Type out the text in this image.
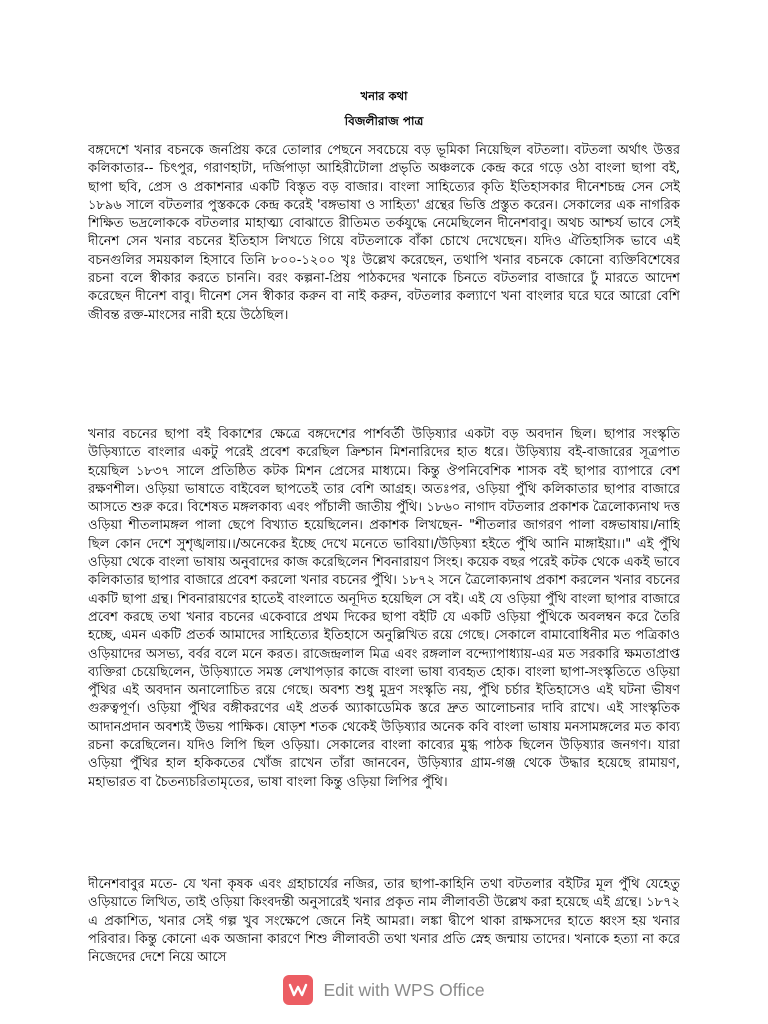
খনার কথা
বিজলীরাজ পাত্র

বঙ্গদেশে খনার বচনকে জনপ্রিয় করে তোলার পেছনে সবচেয়ে বড় ভূমিকা নিয়েছিল বটতলা। বটতলা অর্থাৎ উত্তর কলিকাতার-- চিৎপুর, গরাণহাটা, দর্জিপাড়া আহিরীটোলা প্রভৃতি অঞ্চলকে কেন্দ্র করে গড়ে ওঠা বাংলা ছাপা বই, ছাপা ছবি, প্রেস ও প্রকাশনার একটি বিস্তৃত বড় বাজার। বাংলা সাহিত্যের কৃতি ইতিহাসকার দীনেশচন্দ্র সেন সেই ১৮৯৬ সালে বটতলার পুস্তককে কেন্দ্র করেই 'বঙ্গভাষা ও সাহিত্য' গ্রন্থের ভিত্তি প্রস্তুত করেন। সেকালের এক নাগরিক শিক্ষিত ভদ্রলোককে বটতলার মাহাত্ম্য বোঝাতে রীতিমত তর্কযুদ্ধে নেমেছিলেন দীনেশবাবু। অথচ আশ্চর্য ভাবে সেই দীনেশ সেন খনার বচনের ইতিহাস লিখতে গিয়ে বটতলাকে বাঁকা চোখে দেখেছেন। যদিও ঐতিহাসিক ভাবে এই বচনগুলির সময়কাল হিসাবে তিনি ৮০০-১২০০ খৃঃ উল্লেখ করেছেন, তথাপি খনার বচনকে কোনো ব্যক্তিবিশেষের রচনা বলে স্বীকার করতে চাননি। বরং কল্পনা-প্রিয় পাঠকদের খনাকে চিনতে বটতলার বাজারে ঢুঁ মারতে আদেশ করেছেন দীনেশ বাবু। দীনেশ সেন স্বীকার করুন বা নাই করুন, বটতলার কল্যাণে খনা বাংলার ঘরে ঘরে আরো বেশি জীবন্ত রক্ত-মাংসের নারী হয়ে উঠেছিল।

খনার বচনের ছাপা বই বিকাশের ক্ষেত্রে বঙ্গদেশের পার্শবর্তী উড়িষ্যার একটা বড় অবদান ছিল। ছাপার সংস্কৃতি উড়িষ্যাতে বাংলার একটু পরেই প্রবেশ করেছিল ক্রিশ্চান মিশনারিদের হাত ধরে। উড়িষ্যায় বই-বাজারের সূত্রপাত হয়েছিল ১৮৩৭ সালে প্রতিষ্ঠিত কটক মিশন প্রেসের মাধ্যমে। কিন্তু ঔপনিবেশিক শাসক বই ছাপার ব্যাপারে বেশ রক্ষণশীল। ওড়িয়া ভাষাতে বাইবেল ছাপতেই তার বেশি আগ্রহ। অতঃপর, ওড়িয়া পুঁথি কলিকাতার ছাপার বাজারে আসতে শুরু করে। বিশেষত মঙ্গলকাব্য এবং পাঁচালী জাতীয় পুঁথি। ১৮৬০ নাগাদ বটতলার প্রকাশক ত্রৈলোক্যনাথ দত্ত ওড়িয়া শীতলামঙ্গল পালা ছেপে বিখ্যাত হয়েছিলেন। প্রকাশক লিখছেন- "শীতলার জাগরণ পালা বঙ্গভাষায়।/নাহি ছিল কোন দেশে সুশৃঙ্খলায়।।/অনেকের ইচ্ছে দেখে মনেতে ভাবিয়া।/উড়িষ্যা হইতে পুঁথি আনি মাঙ্গাইয়া।।" এই পুঁথি ওড়িয়া থেকে বাংলা ভাষায় অনুবাদের কাজ করেছিলেন শিবনারায়ণ সিংহ। কয়েক বছর পরেই কটক থেকে একই ভাবে কলিকাতার ছাপার বাজারে প্রবেশ করলো খনার বচনের পুঁথি। ১৮৭২ সনে ত্রৈলোক্যনাথ প্রকাশ করলেন খনার বচনের একটি ছাপা গ্রন্থ। শিবনারায়ণের হাতেই বাংলাতে অনূদিত হয়েছিল সে বই। এই যে ওড়িয়া পুঁথি বাংলা ছাপার বাজারে প্রবেশ করছে তথা খনার বচনের একেবারে প্রথম দিকের ছাপা বইটি যে একটি ওড়িয়া পুঁথিকে অবলম্বন করে তৈরি হচ্ছে, এমন একটি প্রতর্ক আমাদের সাহিত্যের ইতিহাসে অনুল্লিখিত রয়ে গেছে। সেকালে বামাবোধিনীর মত পত্রিকাও ওড়িয়াদের অসভ্য, বর্বর বলে মনে করত। রাজেন্দ্রলাল মিত্র এবং রঙ্গলাল বন্দ্যোপাধ্যায়-এর মত সরকারি ক্ষমতাপ্রাপ্ত ব্যক্তিরা চেয়েছিলেন, উড়িষ্যাতে সমস্ত লেখাপড়ার কাজে বাংলা ভাষা ব্যবহৃত হোক। বাংলা ছাপা-সংস্কৃতিতে ওড়িয়া পুঁথির এই অবদান অনালোচিত রয়ে গেছে। অবশ্য শুধু মুদ্রণ সংস্কৃতি নয়, পুঁথি চর্চার ইতিহাসেও এই ঘটনা ভীষণ গুরুত্বপূর্ণ। ওড়িয়া পুঁথির বঙ্গীকরণের এই প্রতর্ক অ্যাকাডেমিক স্তরে দ্রুত আলোচনার দাবি রাখে। এই সাংস্কৃতিক আদানপ্রদান অবশ্যই উভয় পাক্ষিক। ষোড়শ শতক থেকেই উড়িষ্যার অনেক কবি বাংলা ভাষায় মনসামঙ্গলের মত কাব্য রচনা করেছিলেন। যদিও লিপি ছিল ওড়িয়া। সেকালের বাংলা কাব্যের মুগ্ধ পাঠক ছিলেন উড়িষ্যার জনগণ। যারা ওড়িয়া পুঁথির হাল হকিকতের খোঁজ রাখেন তাঁরা জানবেন, উড়িষ্যার গ্রাম-গঞ্জ থেকে উদ্ধার হয়েছে রামায়ণ, মহাভারত বা চৈতন্যচরিতামৃতের, ভাষা বাংলা কিন্তু ওড়িয়া লিপির পুঁথি।

দীনেশবাবুর মতে- যে খনা কৃষক এবং গ্রহাচার্যের নজির, তার ছাপা-কাহিনি তথা বটতলার বইটির মূল পুঁথি যেহেতু ওড়িয়াতে লিখিত, তাই ওড়িয়া কিংবদন্তী অনুসারেই খনার প্রকৃত নাম লীলাবতী উল্লেখ করা হয়েছে এই গ্রন্থে। ১৮৭২ এ প্রকাশিত, খনার সেই গল্প খুব সংক্ষেপে জেনে নিই আমরা। লঙ্কা দ্বীপে থাকা রাক্ষসদের হাতে ধ্বংস হয় খনার পরিবার। কিন্তু কোনো এক অজানা কারণে শিশু লীলাবতী তথা খনার প্রতি স্নেহ জন্মায় তাদের। খনাকে হত্যা না করে নিজেদের দেশে নিয়ে আসে

Edit with WPS Office
